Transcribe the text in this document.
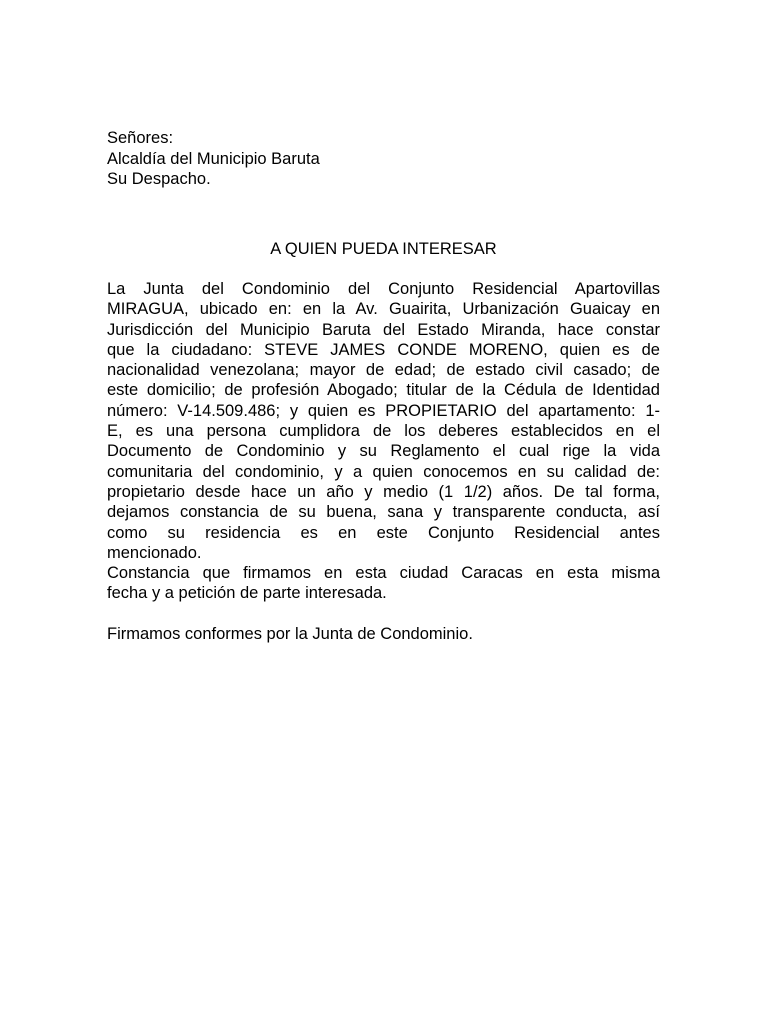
Señores:

Alcaldía del Municipio Baruta

Su Despacho.

A QUIEN PUEDA INTERESAR
La Junta del Condominio del Conjunto Residencial Apartovillas
MIRAGUA, ubicado en: en la Av. Guairita, Urbanización Guaicay en
Jurisdicción del Municipio Baruta del Estado Miranda, hace constar
que la ciudadano: STEVE JAMES CONDE MORENO, quien es de
nacionalidad venezolana; mayor de edad; de estado civil casado; de
este domicilio; de profesión Abogado; titular de la Cédula de Identidad
número: V-14.509.486; y quien es PROPIETARIO del apartamento: 1-
E, es una persona cumplidora de los deberes establecidos en el
Documento de Condominio y su Reglamento el cual rige la vida
comunitaria del condominio, y a quien conocemos en su calidad de:
propietario desde hace un año y medio (1 1/2) años. De tal forma,
dejamos constancia de su buena, sana y transparente conducta, así
como su residencia es en este Conjunto Residencial antes
mencionado.
Constancia que firmamos en esta ciudad Caracas en esta misma
fecha y a petición de parte interesada.
Firmamos conformes por la Junta de Condominio.
